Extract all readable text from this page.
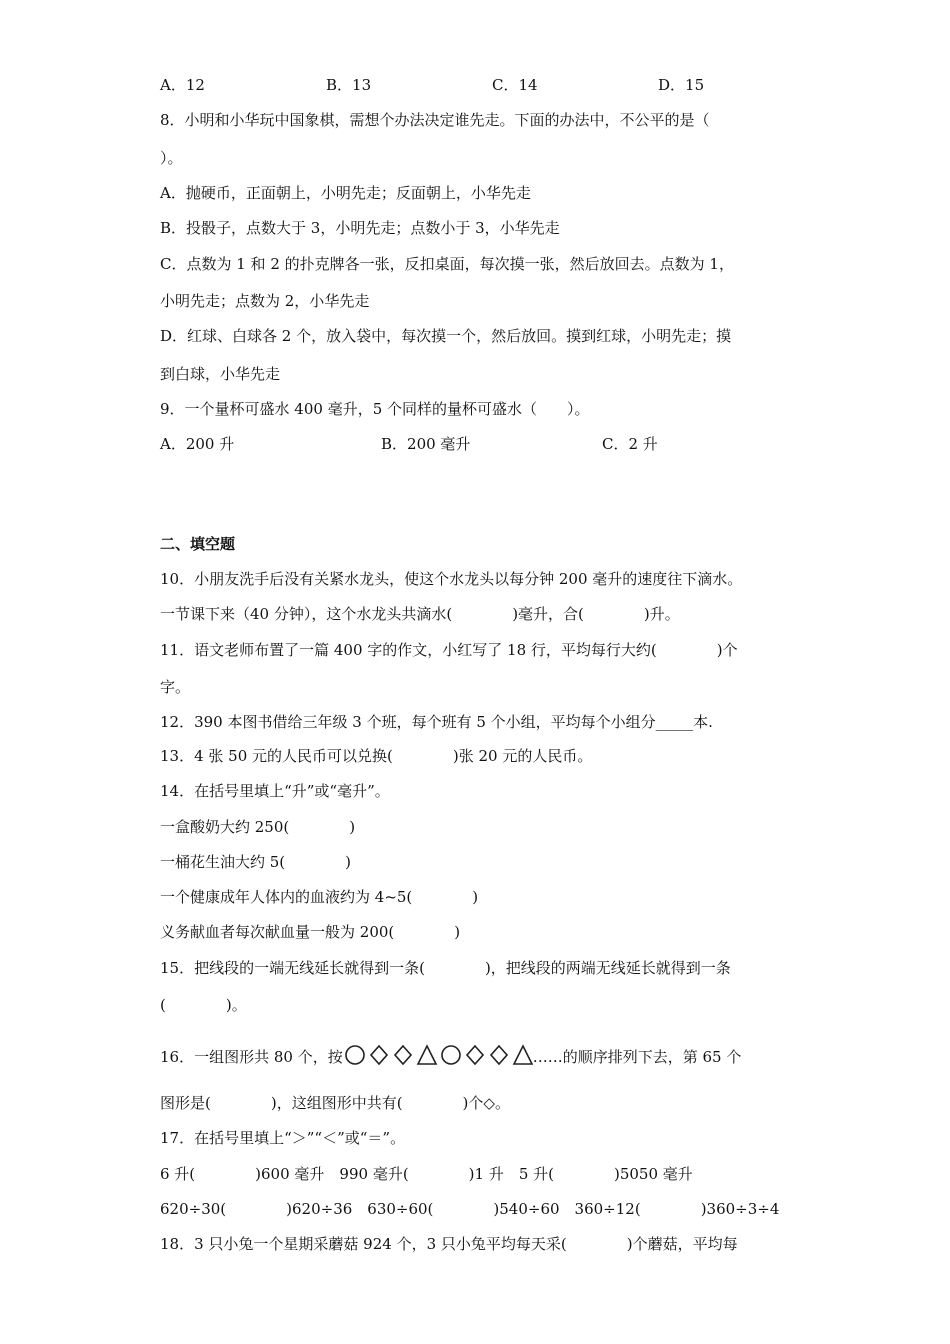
A．12	B．13	C．14	D．15
8．小明和小华玩中国象棋，需想个办法决定谁先走。下面的办法中，不公平的是（
）。
A．抛硬币，正面朝上，小明先走；反面朝上，小华先走
B．投骰子，点数大于 3，小明先走；点数小于 3，小华先走
C．点数为 1 和 2 的扑克牌各一张，反扣桌面，每次摸一张，然后放回去。点数为 1，
小明先走；点数为 2，小华先走
D．红球、白球各 2 个，放入袋中，每次摸一个，然后放回。摸到红球，小明先走；摸
到白球，小华先走
9．一个量杯可盛水 400 毫升，5 个同样的量杯可盛水（　　）。
A．200 升	B．200 毫升	C．2 升
二、填空题
10．小朋友洗手后没有关紧水龙头，使这个水龙头以每分钟 200 毫升的速度往下滴水。
一节课下来（40 分钟），这个水龙头共滴水(　　　　)毫升，合(　　　　)升。
11．语文老师布置了一篇 400 字的作文，小红写了 18 行，平均每行大约(　　　　)个
字。
12．390 本图书借给三年级 3 个班，每个班有 5 个小组，平均每个小组分_____本.
13．4 张 50 元的人民币可以兑换(　　　　)张 20 元的人民币。
14．在括号里填上“升”或“毫升”。
一盒酸奶大约 250(　　　　)
一桶花生油大约 5(　　　　)
一个健康成年人体内的血液约为 4~5(　　　　)
义务献血者每次献血量一般为 200(　　　　)
15．把线段的一端无线延长就得到一条(　　　　)，把线段的两端无线延长就得到一条
(　　　　)。
16．一组图形共 80 个，按	……的顺序排列下去，第 65 个
图形是(　　　　)，这组图形中共有(　　　　)个◇。
17．在括号里填上“＞”“＜”或“＝”。
6 升(　　　　)600 毫升　990 毫升(　　　　)1 升　5 升(　　　　)5050 毫升
620÷30(　　　　)620÷36　630÷60(　　　　)540÷60　360÷12(　　　　)360÷3÷4
18．3 只小兔一个星期采蘑菇 924 个，3 只小兔平均每天采(　　　　)个蘑菇，平均每
